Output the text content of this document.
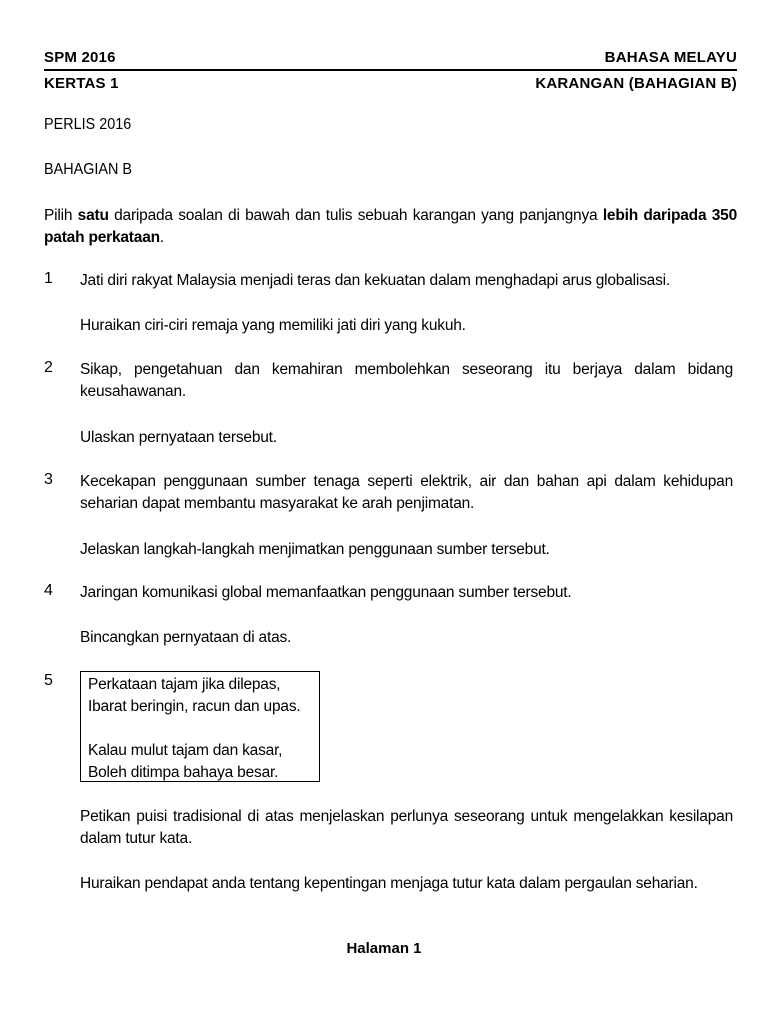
SPM 2016	BAHASA MELAYU
KERTAS 1	KARANGAN (BAHAGIAN B)
PERLIS 2016
BAHAGIAN B
Pilih satu daripada soalan di bawah dan tulis sebuah karangan yang panjangnya lebih daripada 350 patah perkataan.
1 Jati diri rakyat Malaysia menjadi teras dan kekuatan dalam menghadapi arus globalisasi.
Huraikan ciri-ciri remaja yang memiliki jati diri yang kukuh.
2 Sikap, pengetahuan dan kemahiran membolehkan seseorang itu berjaya dalam bidang keusahawanan.
Ulaskan pernyataan tersebut.
3 Kecekapan penggunaan sumber tenaga seperti elektrik, air dan bahan api dalam kehidupan seharian dapat membantu masyarakat ke arah penjimatan.
Jelaskan langkah-langkah menjimatkan penggunaan sumber tersebut.
4 Jaringan komunikasi global memanfaatkan penggunaan sumber tersebut.
Bincangkan pernyataan di atas.
5 Perkataan tajam jika dilepas,
Ibarat beringin, racun dan upas.
Kalau mulut tajam dan kasar,
Boleh ditimpa bahaya besar.
Petikan puisi tradisional di atas menjelaskan perlunya seseorang untuk mengelakkan kesilapan dalam tutur kata.
Huraikan pendapat anda tentang kepentingan menjaga tutur kata dalam pergaulan seharian.
Halaman 1
